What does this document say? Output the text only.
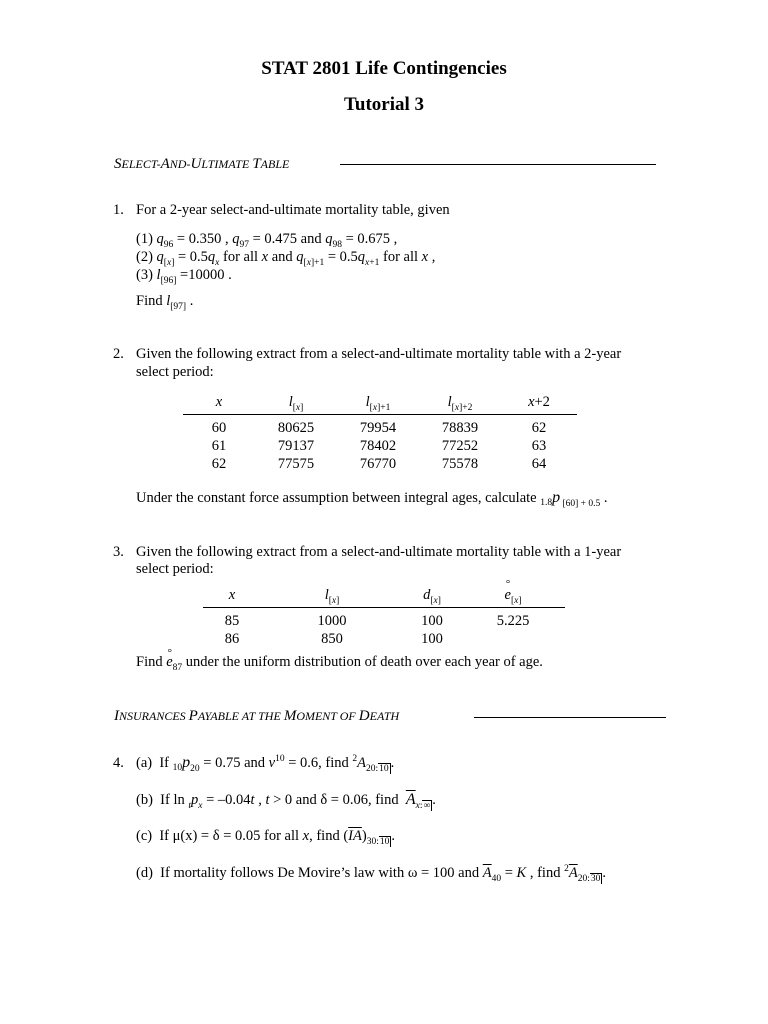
STAT 2801 Life Contingencies
Tutorial 3
SELECT-AND-ULTIMATE TABLE
1. For a 2-year select-and-ultimate mortality table, given
(1) $q_{96} = 0.350$ , $q_{97} = 0.475$ and $q_{98} = 0.675$ ,
(2) $q_{[x]} = 0.5q_x$ for all x and $q_{[x]+1} = 0.5q_{x+1}$ for all x ,
(3) $l_{[96]} =10000$ .
Find $l_{[97]}$ .
2. Given the following extract from a select-and-ultimate mortality table with a 2-year
select period:
x	$l_{[x]}$	$l_{[x]+1}$	$l_{[x]+2}$	x+2
60	80625	79954	78839	62
61	79137	78402	77252	63
62	77575	76770	75578	64
Under the constant force assumption between integral ages, calculate $_{1.8}$p $_{[60] + 0.5}$ .
3. Given the following extract from a select-and-ultimate mortality table with a 1-year
select period:
x	$l_{[x]}$	$d_{[x]}$	° $e_{[x]}$
85	1000	100	5.225
86	850	100	
Find ° $e_{87}$ under the uniform distribution of death over each year of age.
INSURANCES PAYABLE AT THE MOMENT OF DEATH
4. (a) If $_{10}p_{20} = 0.75$ and $v^{10} = 0.6$, find $^2A_{20:10}$ .
(b) If $\ln _tp_x = -0.04t$ , t > 0 and δ = 0.06, find $\overline{A}_{x:\infty}$ .
(c) If μ(x) = δ = 0.05 for all x, find $(\overline{I}\overline{A})_{30:10}$ .
(d) If mortality follows De Movire’s law with ω = 100 and $\overline{A}_{40} = K$ , find $^2\overline{A}_{20:30}$ .
